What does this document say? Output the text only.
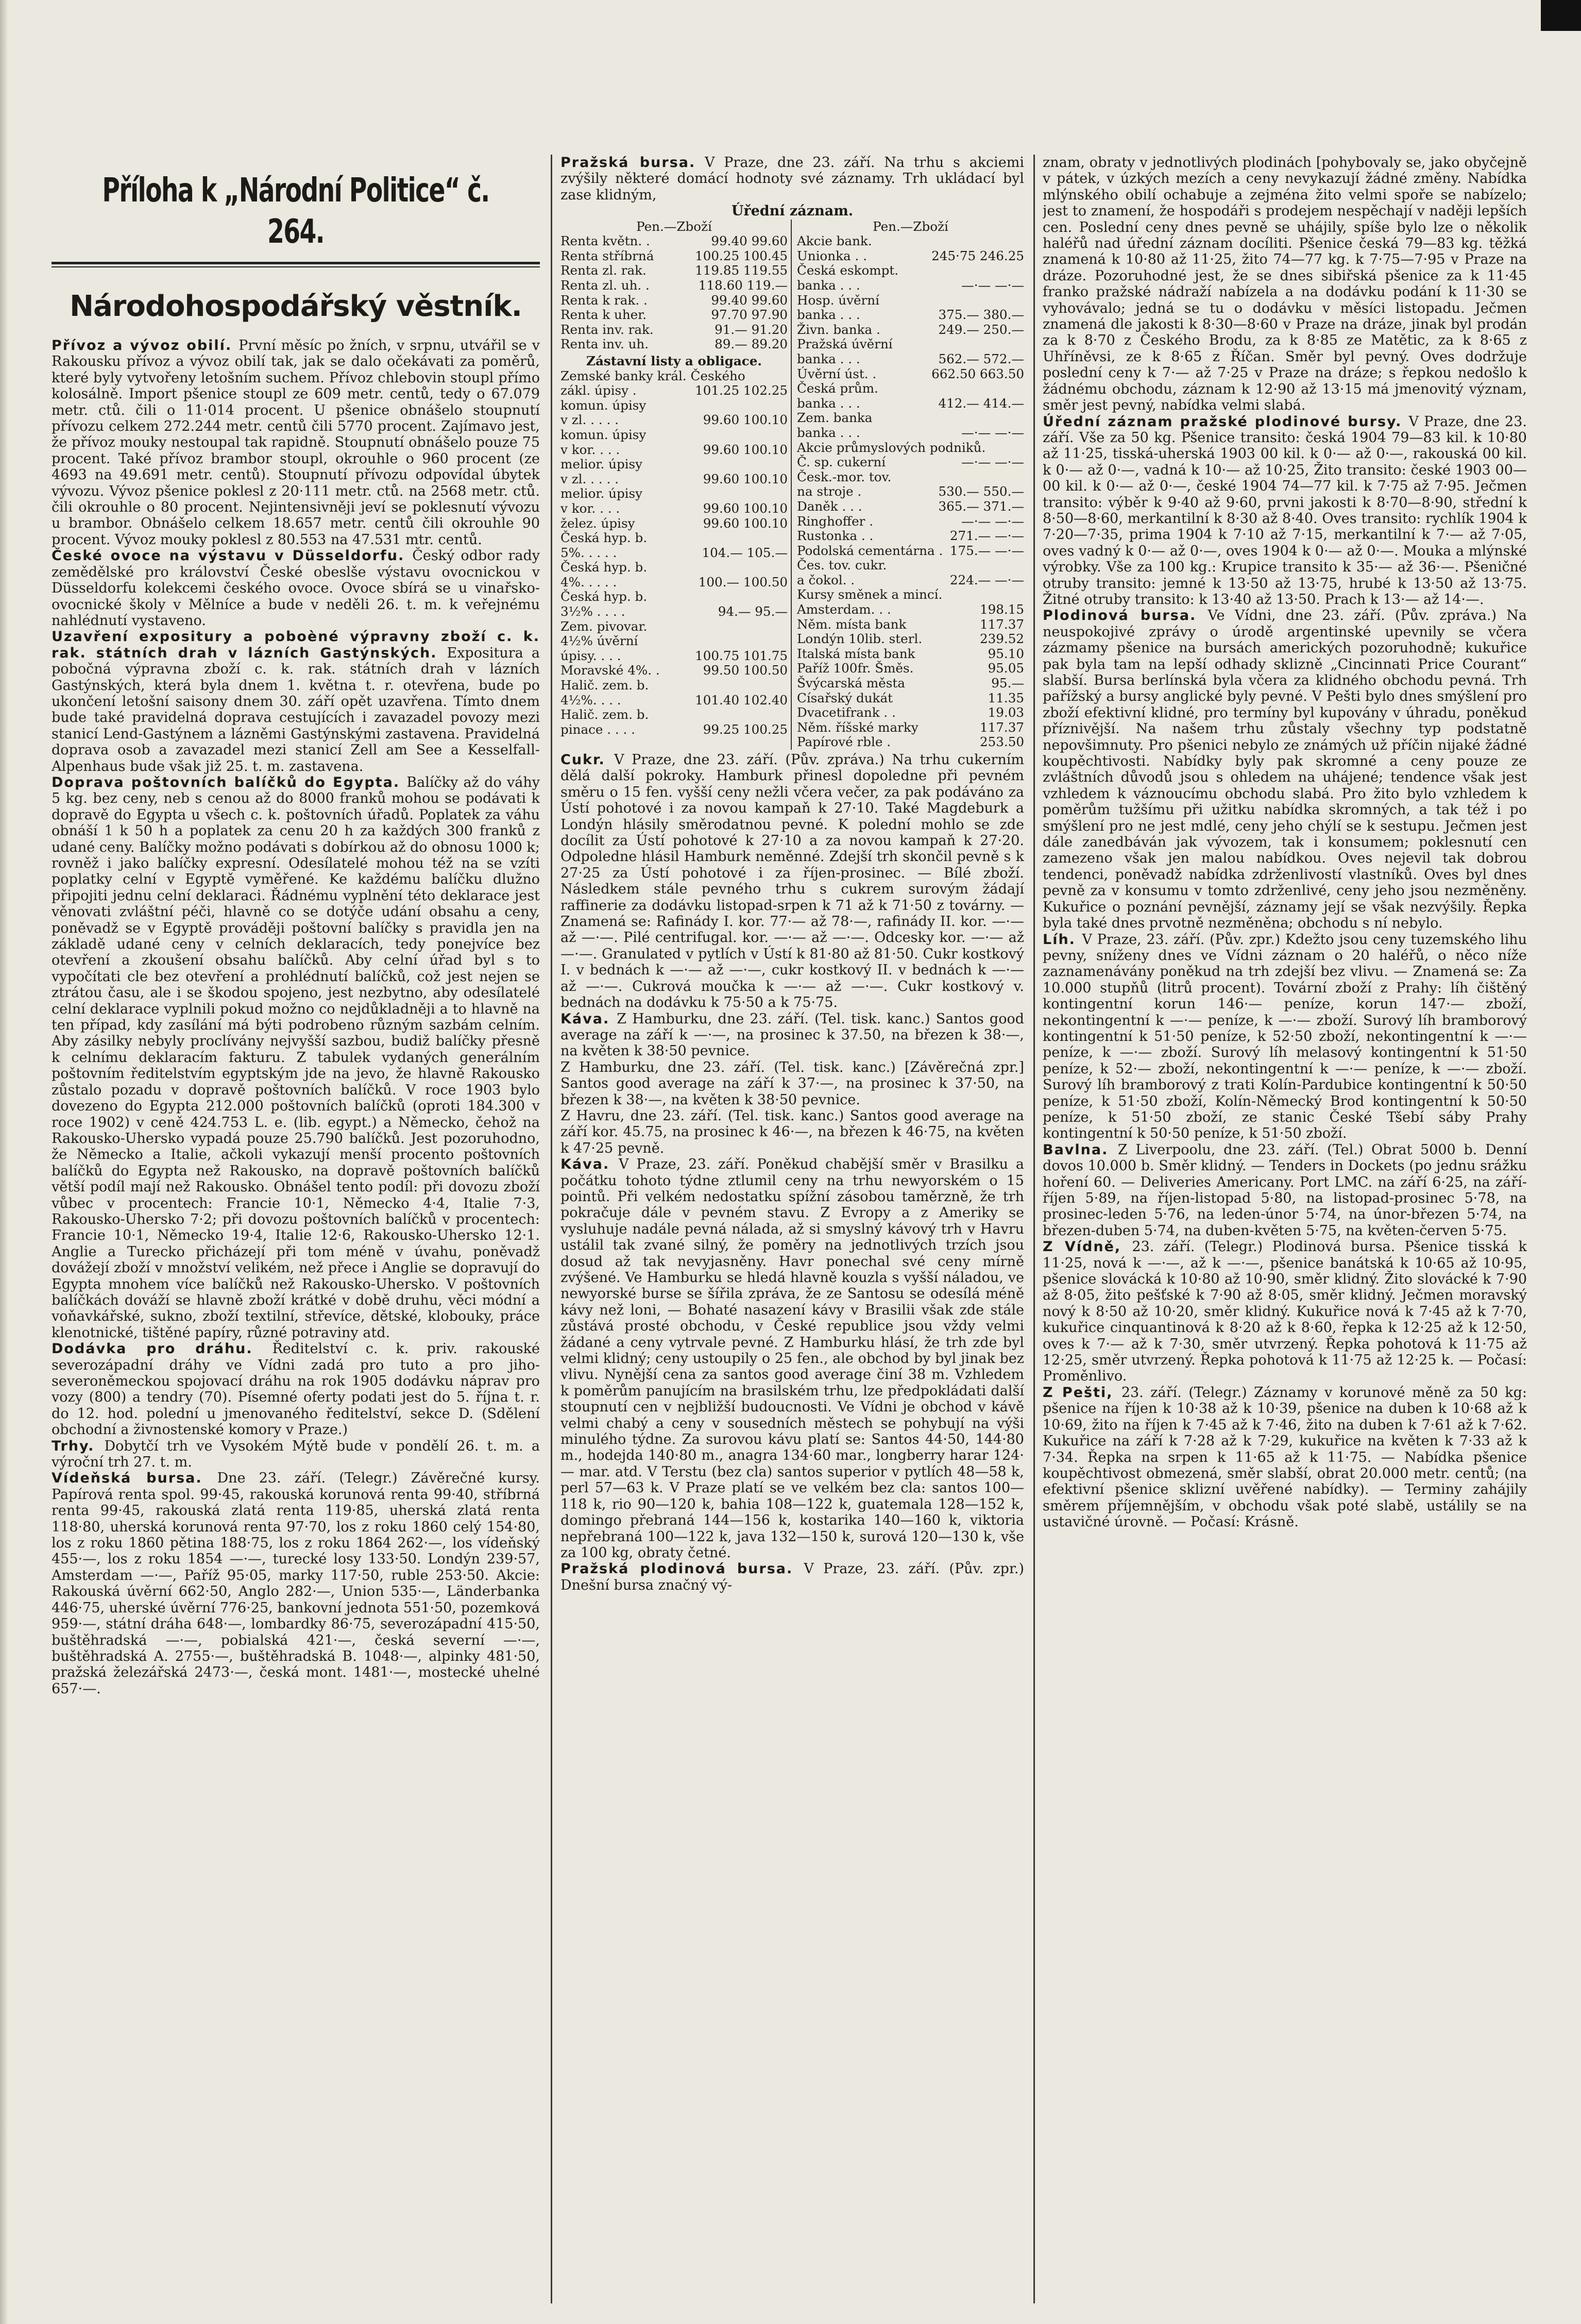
Příloha k „Národní Politice“ č. 264.
Národohospodářský věstník.

Přívoz a vývoz obilí. První měsíc po žních, v srpnu, utvářil se v Rakousku přívoz a vývoz obilí tak, jak se dalo očekávati za poměrů, které byly vytvořeny letošním suchem. Přívoz chlebovin stoupl přímo kolosálně. Import pšenice stoupl ze 609 metr. centů, tedy o 67.079 metr. ctů. čili o 11·014 procent. U pšenice obnášelo stoupnutí přívozu celkem 272.244 metr. centů čili 5770 procent. Zajímavo jest, že přívoz mouky nestoupal tak rapidně. Stoupnutí obnášelo pouze 75 procent. Také přívoz brambor stoupl, okrouhle o 960 procent (ze 4693 na 49.691 metr. centů). Stoupnutí přívozu odpovídal úbytek vývozu. Vývoz pšenice poklesl z 20·111 metr. ctů. na 2568 metr. ctů. čili okrouhle o 80 procent. Nejintensivněji jeví se poklesnutí vývozu u brambor. Obnášelo celkem 18.657 metr. centů čili okrouhle 90 procent. Vývoz mouky poklesl z 80.553 na 47.531 mtr. centů.

České ovoce na výstavu v Düsseldorfu. Český odbor rady zemědělské pro království České obeslše výstavu ovocnickou v Düsseldorfu kolekcemi českého ovoce. Ovoce sbírá se u vinařsko-ovocnické školy v Mělníce a bude v neděli 26. t. m. k veřejnému nahlédnutí vystaveno.

Uzavření expositury a poboèné výpravny zboží c. k. rak. státních drah v lázních Gastýnských. Expositura a pobočná výpravna zboží c. k. rak. státních drah v lázních Gastýnských, která byla dnem 1. května t. r. otevřena, bude po ukončení letošní saisony dnem 30. září opět uzavřena. Tímto dnem bude také pravidelná doprava cestujících i zavazadel povozy mezi stanicí Lend-Gastýnem a lázněmi Gastýnskými zastavena. Pravidelná doprava osob a zavazadel mezi stanicí Zell am See a Kesselfall-Alpenhaus bude však již 25. t. m. zastavena.

Doprava poštovních balíčků do Egypta. Balíčky až do váhy 5 kg. bez ceny, neb s cenou až do 8000 franků mohou se podávati k dopravě do Egypta u všech c. k. poštovních úřadů. Poplatek za váhu obnáší 1 k 50 h a poplatek za cenu 20 h za každých 300 franků z udané ceny. Balíčky možno podávati s dobírkou až do obnosu 1000 k; rovněž i jako balíčky expresní. Odesílatelé mohou též na se vzíti poplatky celní v Egyptě vyměřené. Ke každému balíčku dlužno připojiti jednu celní deklaraci. Řádnému vyplnění této deklarace jest věnovati zvláštní péči, hlavně co se dotýče udání obsahu a ceny, poněvadž se v Egyptě prováději poštovní balíčky s pravidla jen na základě udané ceny v celních deklaracích, tedy ponejvíce bez otevření a zkoušení obsahu balíčků. Aby celní úřad byl s to vypočítati cle bez otevření a prohlédnutí balíčků, což jest nejen se ztrátou času, ale i se škodou spojeno, jest nezbytno, aby odesílatelé celní deklarace vyplnili pokud možno co nejdůkladněji a to hlavně na ten případ, kdy zasílání má býti podrobeno různým sazbám celním. Aby zásilky nebyly proclívány nejvyšší sazbou, budiž balíčky přesně k celnímu deklaracím fakturu. Z tabulek vydaných generálním poštovním ředitelstvím egyptským jde na jevo, že hlavně Rakousko zůstalo pozadu v dopravě poštovních balíčků. V roce 1903 bylo dovezeno do Egypta 212.000 poštovních balíčků (oproti 184.300 v roce 1902) v ceně 424.753 L. e. (lib. egypt.) a Německo, čehož na Rakousko-Uhersko vypadá pouze 25.790 balíčků. Jest pozoruhodno, že Německo a Italie, ačkoli vykazují menší procento poštovních balíčků do Egypta než Rakousko, na dopravě poštovních balíčků větší podíl mají než Rakousko. Obnášel tento podíl: při dovozu zboží vůbec v procentech: Francie 10·1, Německo 4·4, Italie 7·3, Rakousko-Uhersko 7·2; při dovozu poštovních balíčků v procentech: Francie 10·1, Německo 19·4, Italie 12·6, Rakousko-Uhersko 12·1. Anglie a Turecko přicházejí při tom méně v úvahu, poněvadž dovážejí zboží v množství velikém, než přece i Anglie se dopravují do Egypta mnohem více balíčků než Rakousko-Uhersko. V poštovních balíčkách dováží se hlavně zboží krátké v době druhu, věci módní a voňavkářské, sukno, zboží textilní, střevíce, dětské, klobouky, práce klenotnické, tištěné papíry, různé potraviny atd.

Dodávka pro dráhu. Ředitelství c. k. priv. rakouské severozápadní dráhy ve Vídni zadá pro tuto a pro jiho-severoněmeckou spojovací dráhu na rok 1905 dodávku náprav pro vozy (800) a tendry (70). Písemné oferty podati jest do 5. října t. r. do 12. hod. polední u jmenovaného ředitelství, sekce D. (Sdělení obchodní a živnostenské komory v Praze.)

Trhy. Dobytčí trh ve Vysokém Mýtě bude v pondělí 26. t. m. a výroční trh 27. t. m.

Vídeňská bursa. Dne 23. září. (Telegr.) Závěrečné kursy. Papírová renta spol. 99·45, rakouská korunová renta 99·40, stříbrná renta 99·45, rakouská zlatá renta 119·85, uherská zlatá renta 118·80, uherská korunová renta 97·70, los z roku 1860 celý 154·80, los z roku 1860 pětina 188·75, los z roku 1864 262·—, los vídeňský 455·—, los z roku 1854 —·—, turecké losy 133·50. Londýn 239·57, Amsterdam —·—, Paříž 95·05, marky 117·50, ruble 253·50. Akcie: Rakouská úvěrní 662·50, Anglo 282·—, Union 535·—, Länderbanka 446·75, uherské úvěrní 776·25, bankovní jednota 551·50, pozemková 959·—, státní dráha 648·—, lombardky 86·75, severozápadní 415·50, buštěhradská —·—, pobialská 421·—, česká severní —·—, buštěhradská A. 2755·—, buštěhradská B. 1048·—, alpinky 481·50, pražská železářská 2473·—, česká mont. 1481·—, mostecké uhelné 657·—.

Pražská bursa. V Praze, dne 23. září. Na trhu s akciemi zvýšily některé domácí hodnoty své záznamy. Trh ukládací byl zase klidným,

Úřední záznam.
Pen.—Zboží
Renta květn. .	99.40 99.60
Renta stříbrná	100.25 100.45
Renta zl. rak.	119.85 119.55
Renta zl. uh. .	118.60 119.—
Renta k rak. .	99.40 99.60
Renta k uher.	97.70 97.90
Renta inv. rak.	91.— 91.20
Renta inv. uh.	89.— 89.20
Zástavní listy a obligace.
Zemské banky král. Českého
zákl. úpisy .	101.25 102.25
komun. úpisy
v zl. . . . .	99.60 100.10
komun. úpisy
v kor. . . .	99.60 100.10
melior. úpisy
v zl. . . . .	99.60 100.10
melior. úpisy
v kor. . . .	99.60 100.10
želez. úpisy	99.60 100.10
Česká hyp. b.
5%. . . . .	104.— 105.—
Česká hyp. b.
4%. . . . .	100.— 100.50
Česká hyp. b.
3½% . . . .	94.— 95.—
Zem. pivovar.
4½% úvěrní
úpisy. . . .	100.75 101.75
Moravské 4%. .	99.50 100.50
Halič. zem. b.
4½%. . . .	101.40 102.40
Halič. zem. b.
pinace . . . .	99.25 100.25
Pen.—Zboží
Akcie bank.
Unionka . .	245·75 246.25
Česká eskompt.
banka . . .	—·— —·—
Hosp. úvěrní
banka . . .	375.— 380.—
Živn. banka .	249.— 250.—
Pražská úvěrní
banka . . .	562.— 572.—
Úvěrní úst. .	662.50 663.50
Česká prům.
banka . . .	412.— 414.—
Zem. banka
banka . . .	—·— —·—
Akcie průmyslových podniků.
Č. sp. cukerní	—·— —·—
Česk.-mor. tov.
na stroje .	530.— 550.—
Daněk . . .	365.— 371.—
Ringhoffer .	—·— —·—
Rustonka . .	271.— —·—
Podolská cementárna . 175.— —·—
Čes. tov. cukr.
a čokol. .	224.— —·—
Kursy směnek a mincí.
Amsterdam. . .	198.15
Něm. místa bank	117.37
Londýn 10lib. sterl.	239.52
Italská místa bank	95.10
Paříž 100fr. Šměs.	95.05
Švýcarská města	95.—
Císařský dukát	11.35
Dvacetifrank . .	19.03
Něm. říšské marky	117.37
Papírové rble .	253.50

Cukr. V Praze, dne 23. září. (Pův. zpráva.) Na trhu cukerním dělá další pokroky. Hamburk přinesl dopoledne při pevném směru o 15 fen. vyšší ceny nežli včera večer, za pak podáváno za Ústí pohotové i za novou kampaň k 27·10. Také Magdeburk a Londýn hlásily směrodatnou pevné. K polední mohlo se zde docílit za Ústí pohotové k 27·10 a za novou kampaň k 27·20. Odpoledne hlásil Hamburk neměnné. Zdejší trh skončil pevně s k 27·25 za Ústí pohotové i za říjen-prosinec. — Bílé zboží. Následkem stále pevného trhu s cukrem surovým žádají raffinerie za dodávku listopad-srpen k 71 až k 71·50 z továrny. — Znamená se: Rafinády I. kor. 77·— až 78·—, rafinády II. kor. —·— až —·—. Pilé centrifugal. kor. —·— až —·—. Odcesky kor. —·— až —·—. Granulated v pytlích v Ústí k 81·80 až 81·50. Cukr kostkový I. v bednách k —·— až —·—, cukr kostkový II. v bednách k —·— až —·—. Cukrová moučka k —·— až —·—. Cukr kostkový v. bednách na dodávku k 75·50 a k 75·75.

Káva. Z Hamburku, dne 23. září. (Tel. tisk. kanc.) Santos good average na září k —·—, na prosinec k 37.50, na březen k 38·—, na květen k 38·50 pevnice.

Z Hamburku, dne 23. září. (Tel. tisk. kanc.) [Závěrečná zpr.] Santos good average na září k 37·—, na prosinec k 37·50, na březen k 38·—, na květen k 38·50 pevnice.

Z Havru, dne 23. září. (Tel. tisk. kanc.) Santos good average na září kor. 45.75, na prosinec k 46·—, na březen k 46·75, na květen k 47·25 pevně.

Káva. V Praze, 23. září. Poněkud chabější směr v Brasilku a počátku tohoto týdne ztlumil ceny na trhu newyorském o 15 pointů. Při velkém nedostatku spížní zásobou taměrzně, že trh pokračuje dále v pevném stavu. Z Evropy a z Ameriky se vysluhuje nadále pevná nálada, až si smyslný kávový trh v Havru ustálil tak zvané silný, že poměry na jednotlivých trzích jsou dosud až tak nevyjasněny. Havr ponechal své ceny mírně zvýšené. Ve Hamburku se hledá hlavně kouzla s vyšší náladou, ve newyorské burse se šířila zpráva, že ze Santosu se odesílá méně kávy než loni, — Bohaté nasazení kávy v Brasilii však zde stále zůstává prosté obchodu, v České republice jsou vždy velmi žádané a ceny vytrvale pevné. Z Hamburku hlásí, že trh zde byl velmi klidný; ceny ustoupily o 25 fen., ale obchod by byl jinak bez vlivu. Nynější cena za santos good average činí 38 m. Vzhledem k poměrům panujícím na brasilském trhu, lze předpokládati další stoupnutí cen v nejbližší budoucnosti. Ve Vídni je obchod v kávě velmi chabý a ceny v sousedních městech se pohybují na výši minulého týdne. Za surovou kávu platí se: Santos 44·50, 144·80 m., hodejda 140·80 m., anagra 134·60 mar., longberry harar 124·— mar. atd. V Terstu (bez cla) santos superior v pytlích 48—58 k, perl 57—63 k. V Praze platí se ve velkém bez cla: santos 100—118 k, rio 90—120 k, bahia 108—122 k, guatemala 128—152 k, domingo přebraná 144—156 k, kostarika 140—160 k, viktoria nepřebraná 100—122 k, java 132—150 k, surová 120—130 k, vše za 100 kg, obraty četné.

Pražská plodinová bursa. V Praze, 23. září. (Pův. zpr.) Dnešní bursa značný vý-

znam, obraty v jednotlivých plodinách [pohybovaly se, jako obyčejně v pátek, v úzkých mezích a ceny nevykazují žádné změny. Nabídka mlýnského obilí ochabuje a zejména žito velmi spoře se nabízelo; jest to znamení, že hospodáři s prodejem nespěchají v naději lepších cen. Poslední ceny dnes pevně se uhájily, spíše bylo lze o několik haléřů nad úřední záznam docíliti. Pšenice česká 79—83 kg. těžká znamená k 10·80 až 11·25, žito 74—77 kg. k 7·75—7·95 v Praze na dráze. Pozoruhodné jest, že se dnes sibiřská pšenice za k 11·45 franko pražské nádraží nabízela a na dodávku podání k 11·30 se vyhovávalo; jedná se tu o dodávku v měsíci listopadu. Ječmen znamená dle jakosti k 8·30—8·60 v Praze na dráze, jinak byl prodán za k 8·70 z Českého Brodu, za k 8·85 ze Matětic, za k 8·65 z Uhříněvsi, ze k 8·65 z Říčan. Směr byl pevný. Oves dodržuje poslední ceny k 7·— až 7·25 v Praze na dráze; s řepkou nedošlo k žádnému obchodu, záznam k 12·90 až 13·15 má jmenovitý význam, směr jest pevný, nabídka velmi slabá.

Úřední záznam pražské plodinové bursy. V Praze, dne 23. září. Vše za 50 kg. Pšenice transito: česká 1904 79—83 kil. k 10·80 až 11·25, tisská-uherská 1903 00 kil. k 0·— až 0·—, rakouská 00 kil. k 0·— až 0·—, vadná k 10·— až 10·25, Žito transito: české 1903 00—00 kil. k 0·— až 0·—, české 1904 74—77 kil. k 7·75 až 7·95. Ječmen transito: výběr k 9·40 až 9·60, prvni jakosti k 8·70—8·90, střední k 8·50—8·60, merkantilní k 8·30 až 8·40. Oves transito: rychlík 1904 k 7·20—7·35, prima 1904 k 7·10 až 7·15, merkantilní k 7·— až 7·05, oves vadný k 0·— až 0·—, oves 1904 k 0·— až 0·—. Mouka a mlýnské výrobky. Vše za 100 kg.: Krupice transito k 35·— až 36·—. Pšeničné otruby transito: jemné k 13·50 až 13·75, hrubé k 13·50 až 13·75. Žitné otruby transito: k 13·40 až 13·50. Prach k 13·— až 14·—.

Plodinová bursa. Ve Vídni, dne 23. září. (Pův. zpráva.) Na neuspokojivé zprávy o úrodě argentinské upevnily se včera zázmamy pšenice na bursách amerických pozoruhodně; kukuřice pak byla tam na lepší odhady sklizně „Cincinnati Price Courant“ slabší. Bursa berlínská byla včera za klidného obchodu pevná. Trh pařížský a bursy anglické byly pevné. V Pešti bylo dnes smýšlení pro zboží efektivní klidné, pro termíny byl kupovány v úhradu, poněkud příznivější. Na našem trhu zůstaly všechny typ podstatně nepovšimnuty. Pro pšenici nebylo ze známých už příčin nijaké žádné koupěchtivosti. Nabídky byly pak skromné a ceny pouze ze zvláštních důvodů jsou s ohledem na uhájené; tendence však jest vzhledem k váznoucímu obchodu slabá. Pro žito bylo vzhledem k poměrům tužšímu při užitku nabídka skromných, a tak též i po smýšlení pro ne jest mdlé, ceny jeho chýlí se k sestupu. Ječmen jest dále zanedbáván jak vývozem, tak i konsumem; poklesnutí cen zamezeno však jen malou nabídkou. Oves nejevil tak dobrou tendenci, poněvadž nabídka zdrženlivostí vlastníků. Oves byl dnes pevně za v konsumu v tomto zdrženlivé, ceny jeho jsou nezměněny. Kukuřice o poznání pevnější, záznamy její se však nezvýšily. Řepka byla také dnes prvotně nezměněna; obchodu s ní nebylo.

Líh. V Praze, 23. září. (Pův. zpr.) Kdežto jsou ceny tuzemského lihu pevny, sníženy dnes ve Vídni záznam o 20 haléřů, o něco níže zaznamenávány poněkud na trh zdejší bez vlivu. — Znamená se: Za 10.000 stupňů (litrů procent). Tovární zboží z Prahy: líh čištěný kontingentní korun 146·— peníze, korun 147·— zboží, nekontingentní k —·— peníze, k —·— zboží. Surový líh bramborový kontingentní k 51·50 peníze, k 52·50 zboží, nekontingentní k —·— peníze, k —·— zboží. Surový líh melasový kontingentní k 51·50 peníze, k 52·— zboží, nekontingentní k —·— peníze, k —·— zboží. Surový líh bramborový z trati Kolín-Pardubice kontingentní k 50·50 peníze, k 51·50 zboží, Kolín-Německý Brod kontingentní k 50·50 peníze, k 51·50 zboží, ze stanic České Tšebí sáby Prahy kontingentní k 50·50 peníze, k 51·50 zboží.

Bavlna. Z Liverpoolu, dne 23. září. (Tel.) Obrat 5000 b. Denní dovos 10.000 b. Směr klidný. — Tenders in Dockets (po jednu srážku hoření 60. — Deliveries Americany. Port LMC. na září 6·25, na září-říjen 5·89, na říjen-listopad 5·80, na listopad-prosinec 5·78, na prosinec-leden 5·76, na leden-únor 5·74, na únor-březen 5·74, na březen-duben 5·74, na duben-květen 5·75, na květen-červen 5·75.

Z Vídně, 23. září. (Telegr.) Plodinová bursa. Pšenice tisská k 11·25, nová k —·—, až k —·—, pšenice banátská k 10·65 až 10·95, pšenice slovácká k 10·80 až 10·90, směr klidný. Žito slovácké k 7·90 až 8·05, žito pešťské k 7·90 až 8·05, směr klidný. Ječmen moravský nový k 8·50 až 10·20, směr klidný. Kukuřice nová k 7·45 až k 7·70, kukuřice cinquantinová k 8·20 až k 8·60, řepka k 12·25 až k 12·50, oves k 7·— až k 7·30, směr utvrzený. Řepka pohotová k 11·75 až 12·25, směr utvrzený. Řepka pohotová k 11·75 až 12·25 k. — Počasí: Proměnlivo.

Z Pešti, 23. září. (Telegr.) Záznamy v korunové měně za 50 kg: pšenice na říjen k 10·38 až k 10·39, pšenice na duben k 10·68 až k 10·69, žito na říjen k 7·45 až k 7·46, žito na duben k 7·61 až k 7·62. Kukuřice na září k 7·28 až k 7·29, kukuřice na květen k 7·33 až k 7·34. Řepka na srpen k 11·65 až k 11·75. — Nabídka pšenice koupěchtivost obmezená, směr slabší, obrat 20.000 metr. centů; (na efektivní pšenice sklizní uvěřené nabídky). — Terminy zahájily směrem příjemnějším, v obchodu však poté slabě, ustálily se na ustavičné úrovně. — Počasí: Krásně.
